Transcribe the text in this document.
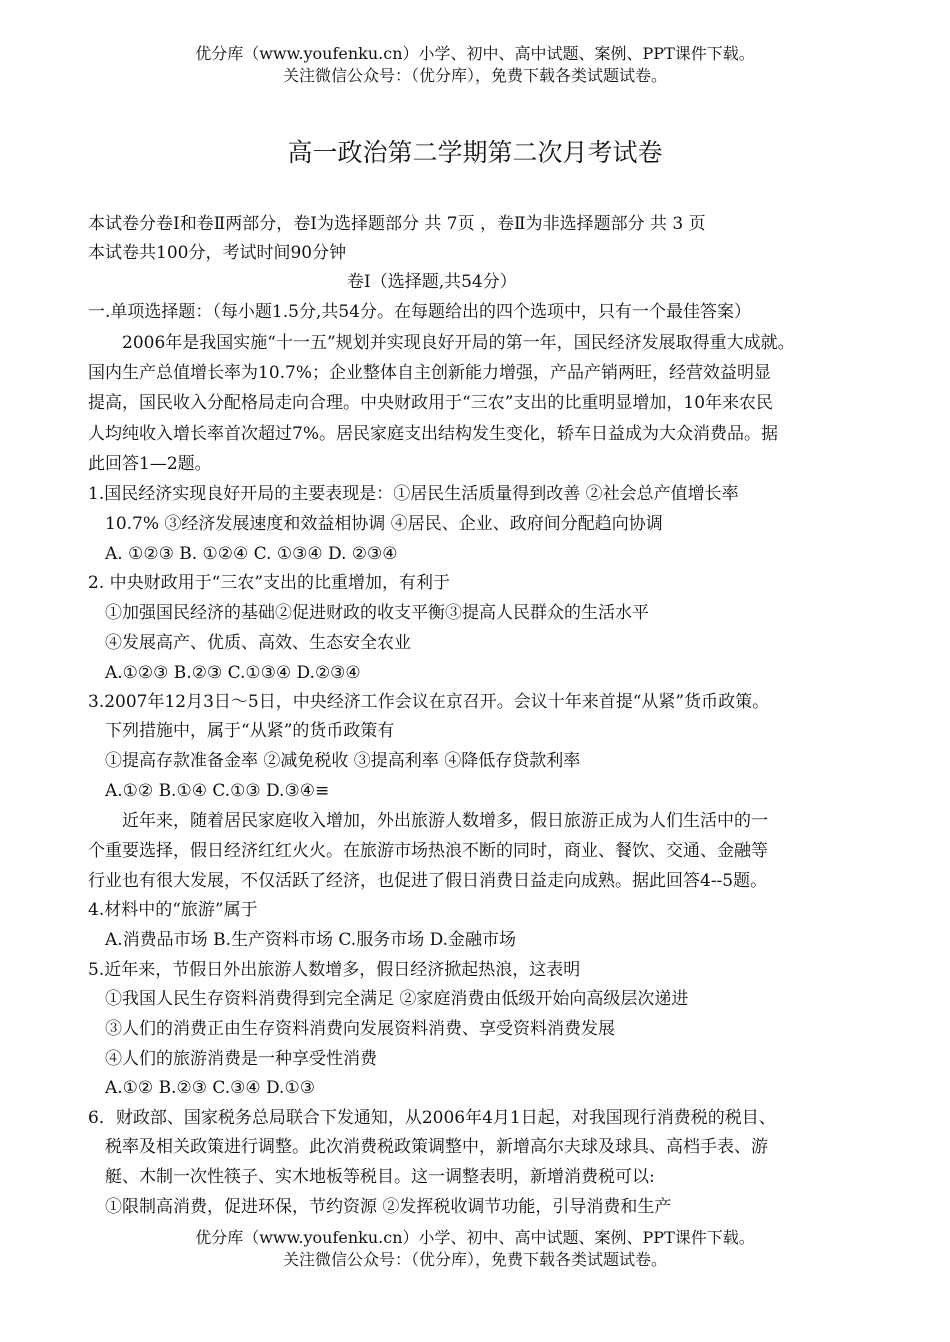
优分库（www.youfenku.cn）小学、初中、高中试题、案例、PPT课件下载。
关注微信公众号：（优分库），免费下载各类试题试卷。
高一政治第二学期第二次月考试卷
本试卷分卷Ⅰ和卷Ⅱ两部分，卷Ⅰ为选择题部分 共 7页 ，卷Ⅱ为非选择题部分 共 3 页
本试卷共100分，考试时间90分钟
卷Ⅰ（选择题,共54分）
一.单项选择题：（每小题1.5分,共54分。在每题给出的四个选项中，只有一个最佳答案）
2006年是我国实施“十一五”规划并实现良好开局的第一年，国民经济发展取得重大成就。
国内生产总值增长率为10.7%；企业整体自主创新能力增强，产品产销两旺，经营效益明显
提高，国民收入分配格局走向合理。中央财政用于“三农”支出的比重明显增加，10年来农民
人均纯收入增长率首次超过7%。居民家庭支出结构发生变化，轿车日益成为大众消费品。据
此回答1—2题。
1.国民经济实现良好开局的主要表现是：①居民生活质量得到改善 ②社会总产值增长率
10.7% ③经济发展速度和效益相协调 ④居民、企业、政府间分配趋向协调
A. ①②③ B. ①②④ C. ①③④ D. ②③④
2. 中央财政用于“三农”支出的比重增加，有利于
①加强国民经济的基础②促进财政的收支平衡③提高人民群众的生活水平
④发展高产、优质、高效、生态安全农业
A.①②③ B.②③ C.①③④ D.②③④
3.2007年12月3日～5日，中央经济工作会议在京召开。会议十年来首提“从紧”货币政策。
下列措施中，属于“从紧”的货币政策有
①提高存款准备金率 ②减免税收 ③提高利率 ④降低存贷款利率
A.①② B.①④ C.①③ D.③④≡
近年来，随着居民家庭收入增加，外出旅游人数增多，假日旅游正成为人们生活中的一
个重要选择，假日经济红红火火。在旅游市场热浪不断的同时，商业、餐饮、交通、金融等
行业也有很大发展，不仅活跃了经济，也促进了假日消费日益走向成熟。据此回答4--5题。
4.材料中的“旅游”属于
A.消费品市场 B.生产资料市场 C.服务市场 D.金融市场
5.近年来，节假日外出旅游人数增多，假日经济掀起热浪，这表明
①我国人民生存资料消费得到完全满足 ②家庭消费由低级开始向高级层次递进
③人们的消费正由生存资料消费向发展资料消费、享受资料消费发展
④人们的旅游消费是一种享受性消费
A.①② B.②③ C.③④ D.①③
6．财政部、国家税务总局联合下发通知，从2006年4月1日起，对我国现行消费税的税目、
税率及相关政策进行调整。此次消费税政策调整中，新增高尔夫球及球具、高档手表、游
艇、木制一次性筷子、实木地板等税目。这一调整表明，新增消费税可以:
①限制高消费，促进环保，节约资源 ②发挥税收调节功能，引导消费和生产
优分库（www.youfenku.cn）小学、初中、高中试题、案例、PPT课件下载。
关注微信公众号：（优分库），免费下载各类试题试卷。
